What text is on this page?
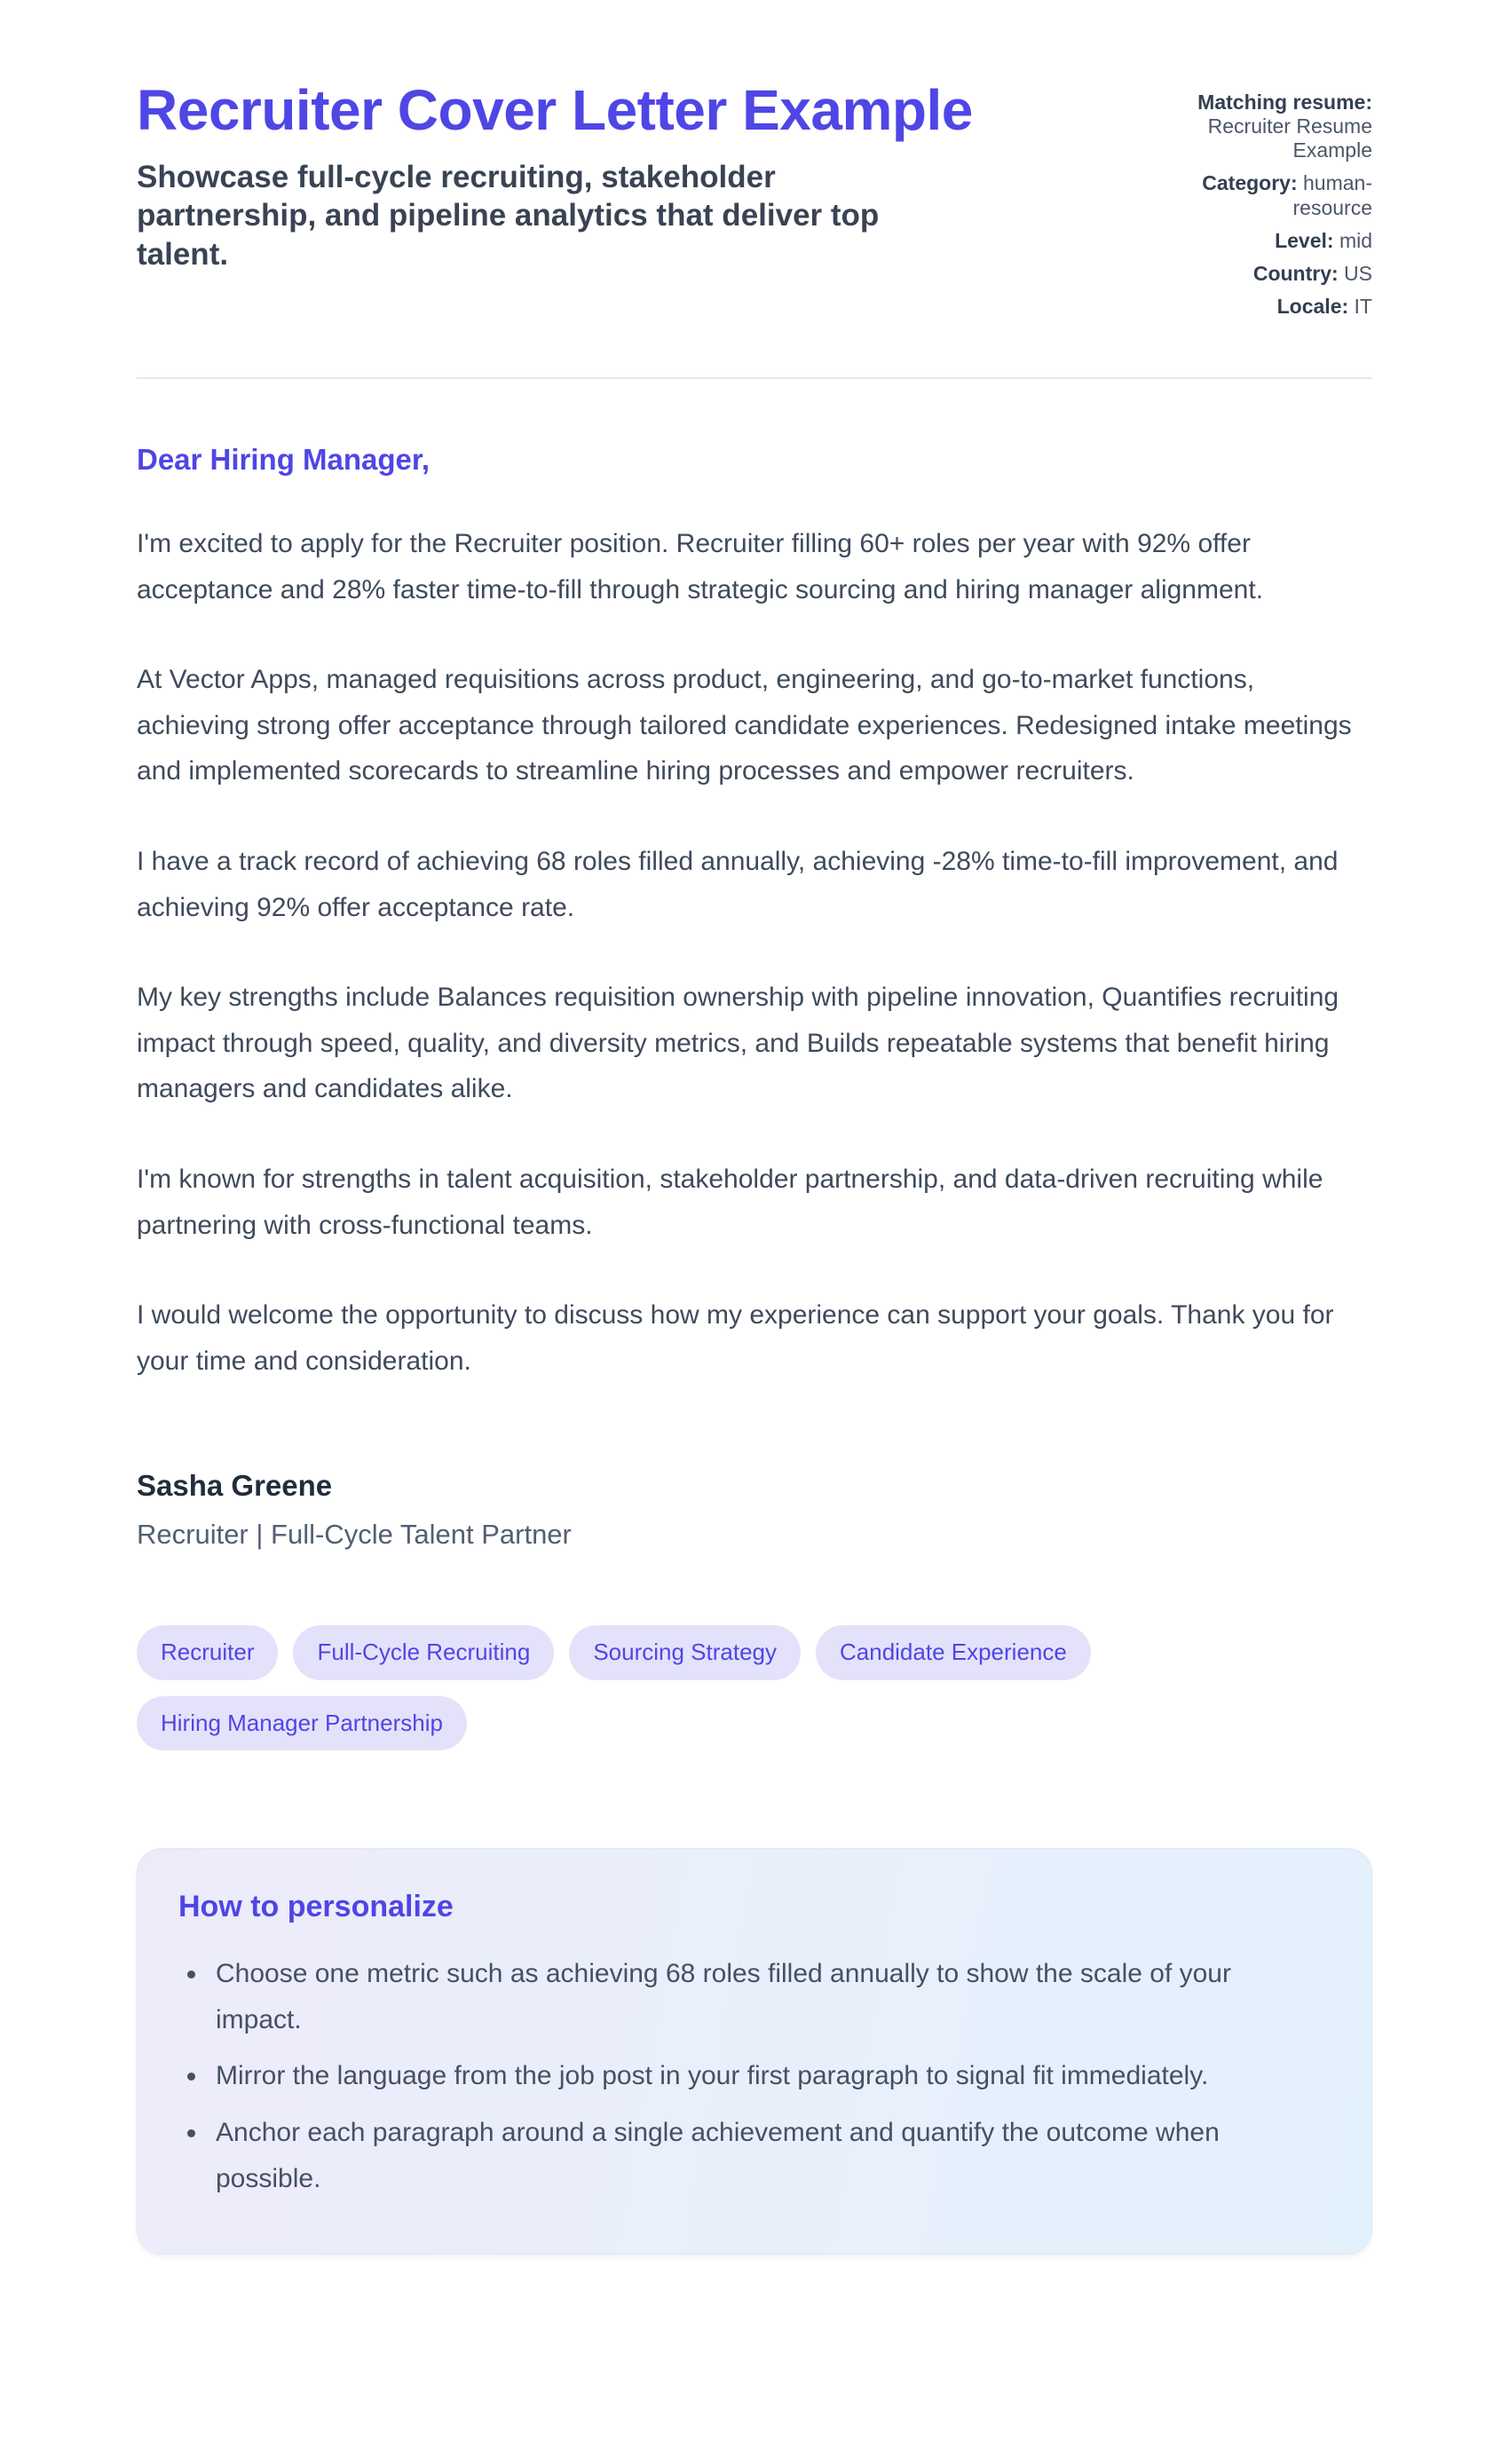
Recruiter Cover Letter Example

Showcase full-cycle recruiting, stakeholder partnership, and pipeline analytics that deliver top talent.

Matching resume: Recruiter Resume Example
Category: human-resource
Level: mid
Country: US
Locale: IT

Dear Hiring Manager,

I'm excited to apply for the Recruiter position. Recruiter filling 60+ roles per year with 92% offer acceptance and 28% faster time-to-fill through strategic sourcing and hiring manager alignment.

At Vector Apps, managed requisitions across product, engineering, and go-to-market functions, achieving strong offer acceptance through tailored candidate experiences. Redesigned intake meetings and implemented scorecards to streamline hiring processes and empower recruiters.

I have a track record of achieving 68 roles filled annually, achieving -28% time-to-fill improvement, and achieving 92% offer acceptance rate.

My key strengths include Balances requisition ownership with pipeline innovation, Quantifies recruiting impact through speed, quality, and diversity metrics, and Builds repeatable systems that benefit hiring managers and candidates alike.

I'm known for strengths in talent acquisition, stakeholder partnership, and data-driven recruiting while partnering with cross-functional teams.

I would welcome the opportunity to discuss how my experience can support your goals. Thank you for your time and consideration.

Sasha Greene

Recruiter | Full-Cycle Talent Partner

Recruiter	Full-Cycle Recruiting	Sourcing Strategy	Candidate Experience
Hiring Manager Partnership
How to personalize
• Choose one metric such as achieving 68 roles filled annually to show the scale of your impact.
• Mirror the language from the job post in your first paragraph to signal fit immediately.
• Anchor each paragraph around a single achievement and quantify the outcome when possible.
